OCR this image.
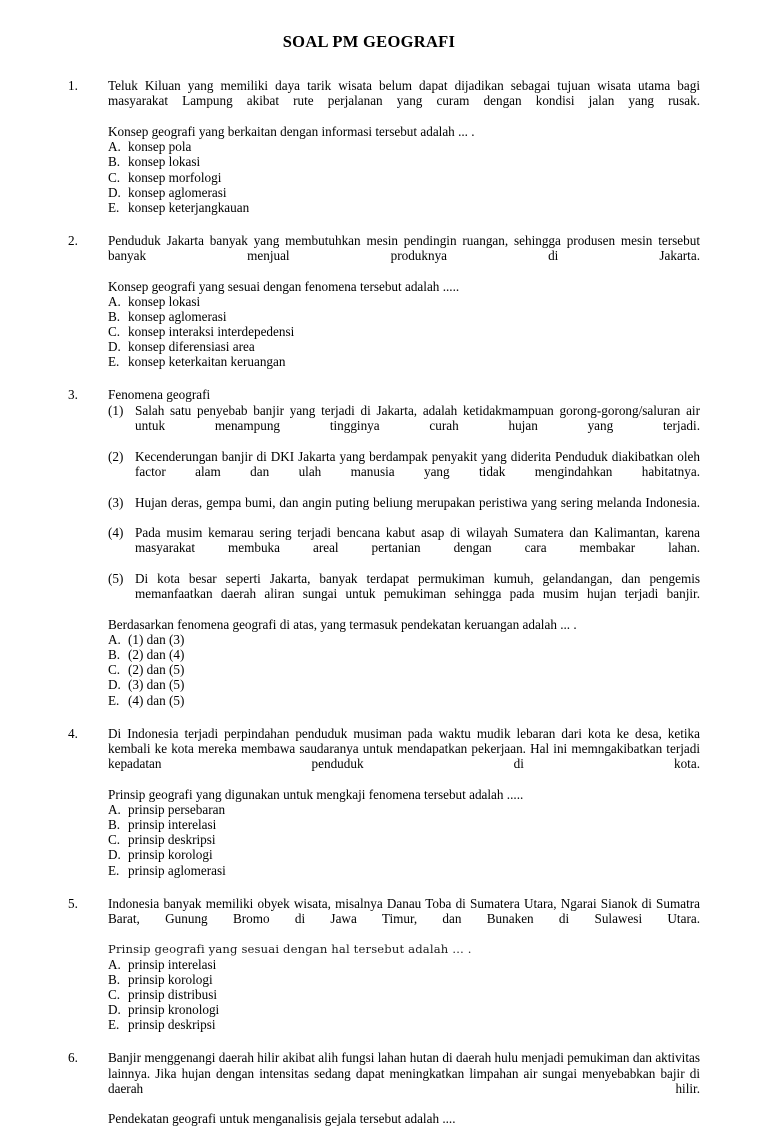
SOAL PM GEOGRAFI
1.	Teluk Kiluan yang memiliki daya tarik wisata belum dapat dijadikan sebagai tujuan wisata utama bagi masyarakat Lampung akibat rute perjalanan yang curam dengan kondisi jalan yang rusak.
Konsep geografi yang berkaitan dengan informasi tersebut adalah ... .
A. konsep pola
B. konsep lokasi
C. konsep morfologi
D. konsep aglomerasi
E. konsep keterjangkauan
2.	Penduduk Jakarta banyak yang membutuhkan mesin pendingin ruangan, sehingga produsen mesin tersebut banyak menjual produknya di Jakarta.
Konsep geografi yang sesuai dengan fenomena tersebut adalah .....
A. konsep lokasi
B. konsep aglomerasi
C. konsep interaksi interdepedensi
D. konsep diferensiasi area
E. konsep keterkaitan keruangan
3.	Fenomena geografi
(1) Salah satu penyebab banjir yang terjadi di Jakarta, adalah ketidakmampuan gorong-gorong/saluran air untuk menampung tingginya curah hujan yang terjadi.
(2) Kecenderungan banjir di DKI Jakarta yang berdampak penyakit yang diderita Penduduk diakibatkan oleh factor alam dan ulah manusia yang tidak mengindahkan habitatnya.
(3) Hujan deras, gempa bumi, dan angin puting beliung merupakan peristiwa yang sering melanda Indonesia.
(4) Pada musim kemarau sering terjadi bencana kabut asap di wilayah Sumatera dan Kalimantan, karena masyarakat membuka areal pertanian dengan cara membakar lahan.
(5) Di kota besar seperti Jakarta, banyak terdapat permukiman kumuh, gelandangan, dan pengemis memanfaatkan daerah aliran sungai untuk pemukiman sehingga pada musim hujan terjadi banjir.
Berdasarkan fenomena geografi di atas, yang termasuk pendekatan keruangan adalah ... .
A. (1) dan (3)
B. (2) dan (4)
C. (2) dan (5)
D. (3) dan (5)
E. (4) dan (5)
4.	Di Indonesia terjadi perpindahan penduduk musiman pada waktu mudik lebaran dari kota ke desa, ketika kembali ke kota mereka membawa saudaranya untuk mendapatkan pekerjaan. Hal ini memngakibatkan terjadi kepadatan penduduk di kota.
Prinsip geografi yang digunakan untuk mengkaji fenomena tersebut adalah .....
A. prinsip persebaran
B. prinsip interelasi
C. prinsip deskripsi
D. prinsip korologi
E. prinsip aglomerasi
5.	Indonesia banyak memiliki obyek wisata, misalnya Danau Toba di Sumatera Utara, Ngarai Sianok di Sumatra Barat, Gunung Bromo di Jawa Timur, dan Bunaken di Sulawesi Utara.
Prinsip geografi yang sesuai dengan hal tersebut adalah … .
A. prinsip interelasi
B. prinsip korologi
C. prinsip distribusi
D. prinsip kronologi
E. prinsip deskripsi
6.	Banjir menggenangi daerah hilir akibat alih fungsi lahan hutan di daerah hulu menjadi pemukiman dan aktivitas lainnya. Jika hujan dengan intensitas sedang dapat meningkatkan limpahan air sungai menyebabkan bajir di daerah hilir.
Pendekatan geografi untuk menganalisis gejala tersebut adalah ....
